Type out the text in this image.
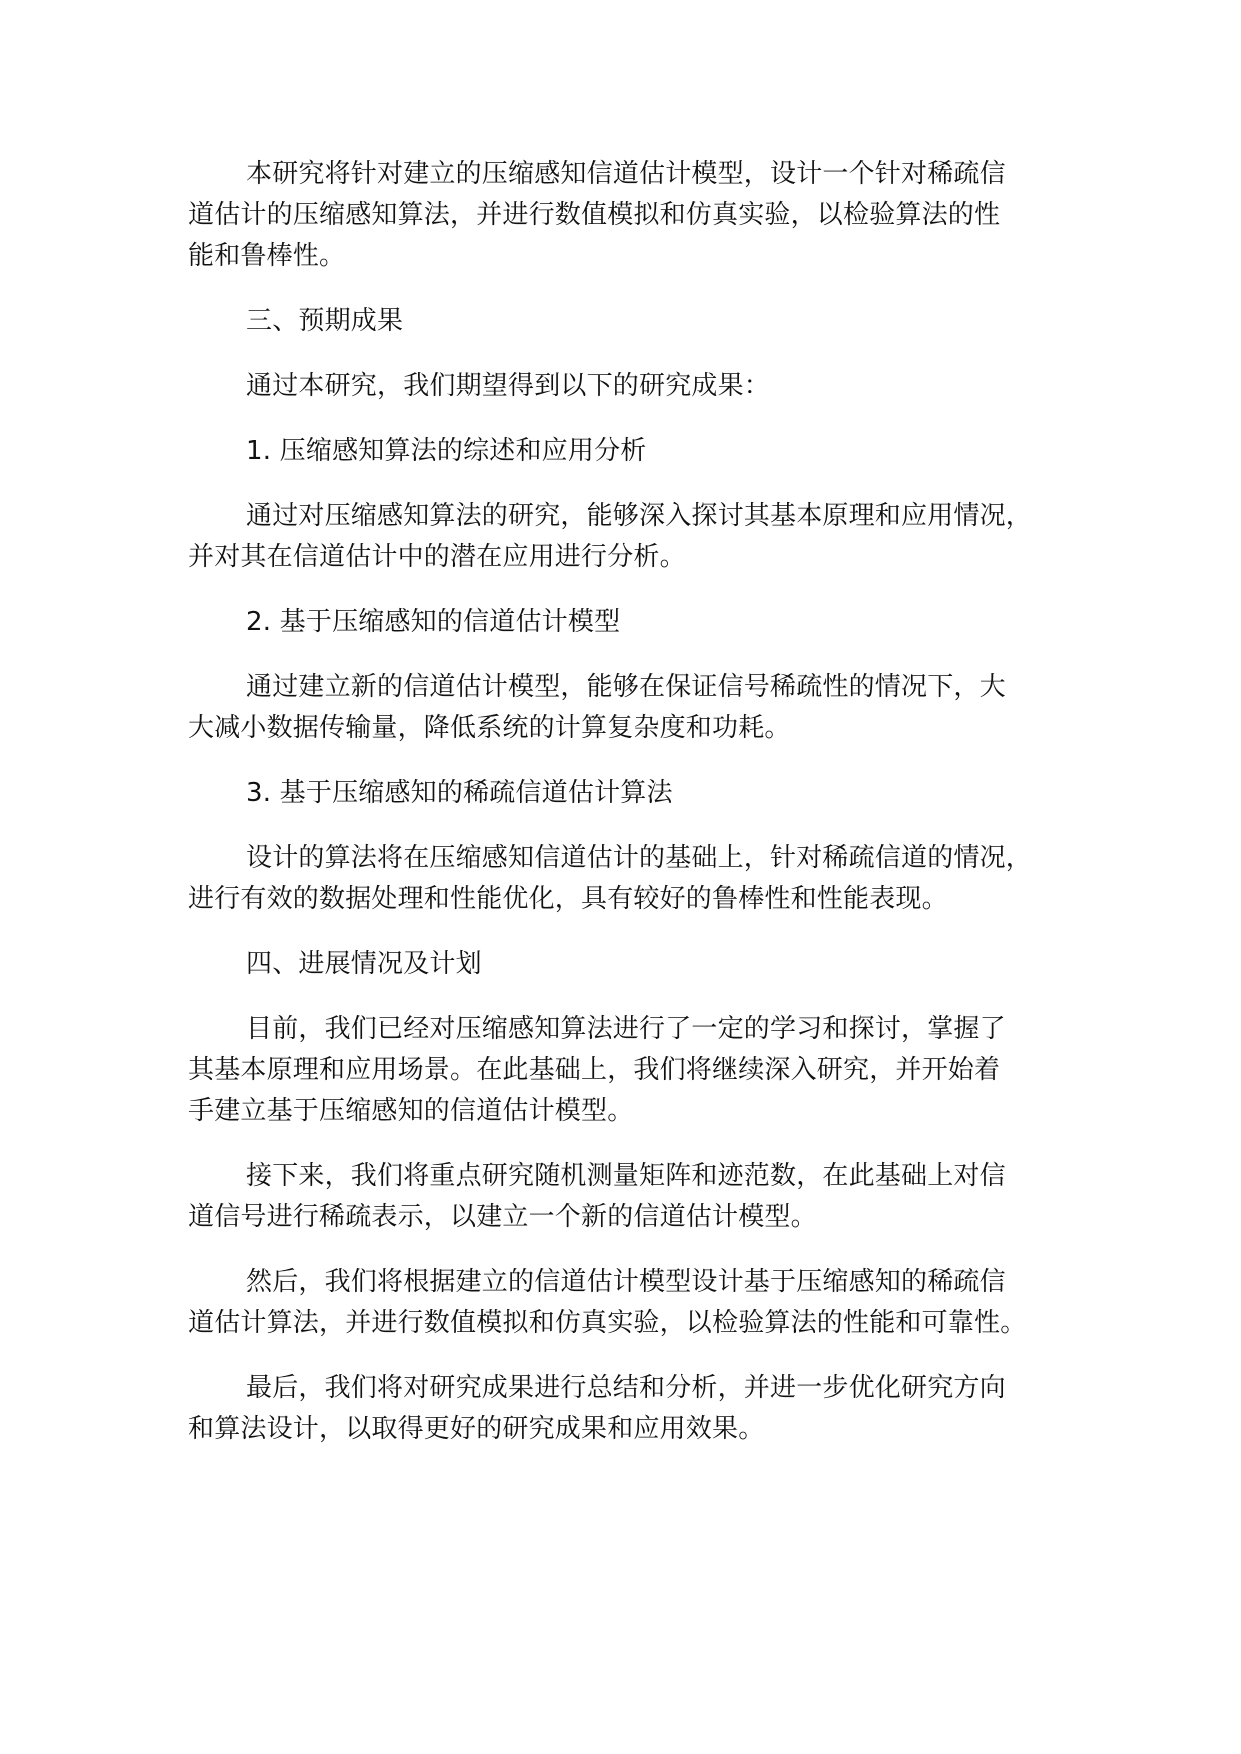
本研究将针对建立的压缩感知信道估计模型，设计一个针对稀疏信
道估计的压缩感知算法，并进行数值模拟和仿真实验，以检验算法的性
能和鲁棒性。

三、预期成果

通过本研究，我们期望得到以下的研究成果：

1. 压缩感知算法的综述和应用分析

通过对压缩感知算法的研究，能够深入探讨其基本原理和应用情况，
并对其在信道估计中的潜在应用进行分析。

2. 基于压缩感知的信道估计模型

通过建立新的信道估计模型，能够在保证信号稀疏性的情况下，大
大减小数据传输量，降低系统的计算复杂度和功耗。

3. 基于压缩感知的稀疏信道估计算法

设计的算法将在压缩感知信道估计的基础上，针对稀疏信道的情况，
进行有效的数据处理和性能优化，具有较好的鲁棒性和性能表现。

四、进展情况及计划

目前，我们已经对压缩感知算法进行了一定的学习和探讨，掌握了
其基本原理和应用场景。在此基础上，我们将继续深入研究，并开始着
手建立基于压缩感知的信道估计模型。

接下来，我们将重点研究随机测量矩阵和迹范数，在此基础上对信
道信号进行稀疏表示，以建立一个新的信道估计模型。

然后，我们将根据建立的信道估计模型设计基于压缩感知的稀疏信
道估计算法，并进行数值模拟和仿真实验，以检验算法的性能和可靠性。

最后，我们将对研究成果进行总结和分析，并进一步优化研究方向
和算法设计，以取得更好的研究成果和应用效果。
